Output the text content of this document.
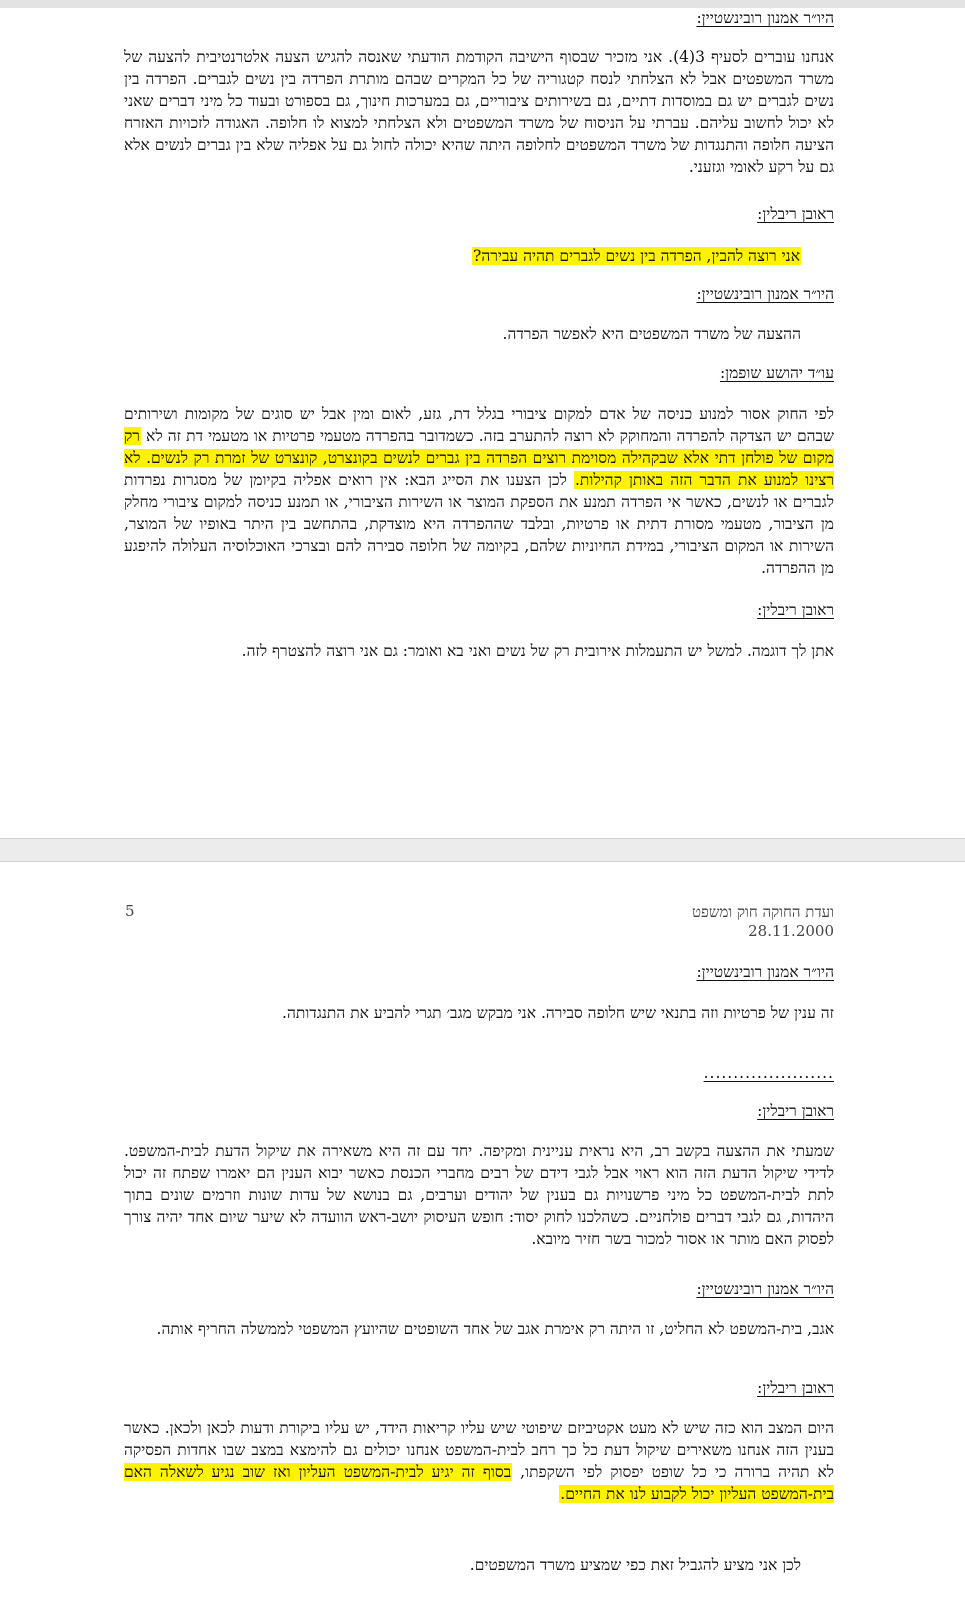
היו״ר אמנון רובינשטיין:

אנחנו עוברים לסעיף 3(4). אני מזכיר שבסוף הישיבה הקודמת הודעתי שאנסה להגיש הצעה אלטרנטיבית להצעה של משרד המשפטים אבל לא הצלחתי לנסח קטגוריה של כל המקרים שבהם מותרת הפרדה בין נשים לגברים. הפרדה בין נשים לגברים יש גם במוסדות דתיים, גם בשירותים ציבוריים, גם במערכות חינוך, גם בספורט ובעוד כל מיני דברים שאני לא יכול לחשוב עליהם. עברתי על הניסוח של משרד המשפטים ולא הצלחתי למצוא לו חלופה. האגודה לזכויות האזרח הציעה חלופה והתנגדות של משרד המשפטים לחלופה היתה שהיא יכולה לחול גם על אפליה שלא בין גברים לנשים אלא גם על רקע לאומי וגזעני.

ראובן ריבלין:
אני רוצה להבין, הפרדה בין נשים לגברים תהיה עבירה?
היו״ר אמנון רובינשטיין:
ההצעה של משרד המשפטים היא לאפשר הפרדה.
עו״ד יהושע שופמן:

לפי החוק אסור למנוע כניסה של אדם למקום ציבורי בגלל דת, גזע, לאום ומין אבל יש סוגים של מקומות ושירותים שבהם יש הצדקה להפרדה והמחוקק לא רוצה להתערב בזה. כשמדובר בהפרדה מטעמי פרטיות או מטעמי דת זה לא רק מקום של פולחן דתי אלא שבקהילה מסוימת רוצים הפרדה בין גברים לנשים בקונצרט, קונצרט של זמרת רק לנשים. לא רצינו למנוע את הדבר הזה באותן קהילות. לכן הצענו את הסייג הבא: אין רואים אפליה בקיומן של מסגרות נפרדות לגברים או לנשים, כאשר אי הפרדה תמנע את הספקת המוצר או השירות הציבורי, או תמנע כניסה למקום ציבורי מחלק מן הציבור, מטעמי מסורת דתית או פרטיות, ובלבד שההפרדה היא מוצדקת, בהתחשב בין היתר באופיו של המוצר, השירות או המקום הציבורי, במידת החיוניות שלהם, בקיומה של חלופה סבירה להם ובצרכי האוכלוסיה העלולה להיפגע מן ההפרדה.

ראובן ריבלין:

אתן לך דוגמה. למשל יש התעמלות אירובית רק של נשים ואני בא ואומר: גם אני רוצה להצטרף לזה.

ועדת החוקה חוק ומשפט
28.11.2000
5
היו״ר אמנון רובינשטיין:

זה ענין של פרטיות וזה בתנאי שיש חלופה סבירה. אני מבקש מגב׳ תגרי להביע את התנגדותה.

......................
ראובן ריבלין:

שמעתי את ההצעה בקשב רב, היא נראית עניינית ומקיפה. יחד עם זה היא משאירה את שיקול הדעת לבית-המשפט. לדידי שיקול הדעת הזה הוא ראוי אבל לגבי דידם של רבים מחברי הכנסת כאשר יבוא הענין הם יאמרו שפתח זה יכול לתת לבית-המשפט כל מיני פרשנויות גם בענין של יהודים וערבים, גם בנושא של עדות שונות וזרמים שונים בתוך היהדות, גם לגבי דברים פולחניים. כשהלכנו לחוק יסוד: חופש העיסוק יושב-ראש הוועדה לא שיער שיום אחד יהיה צורך לפסוק האם מותר או אסור למכור בשר חזיר מיובא.

היו״ר אמנון רובינשטיין:

אגב, בית-המשפט לא החליט, זו היתה רק אימרת אגב של אחד השופטים שהיועץ המשפטי לממשלה החריף אותה.

ראובן ריבלין:

היום המצב הוא כזה שיש לא מעט אקטיביזם שיפוטי שיש עליו קריאות הידד, יש עליו ביקורת ודעות לכאן ולכאן. כאשר בענין הזה אנחנו משאירים שיקול דעת כל כך רחב לבית-המשפט אנחנו יכולים גם להימצא במצב שבו אחדות הפסיקה לא תהיה ברורה כי כל שופט יפסוק לפי השקפתו, בסוף זה יגיע לבית-המשפט העליון ואז שוב נגיע לשאלה האם בית-המשפט העליון יכול לקבוע לנו את החיים.

לכן אני מציע להגביל זאת כפי שמציע משרד המשפטים.
